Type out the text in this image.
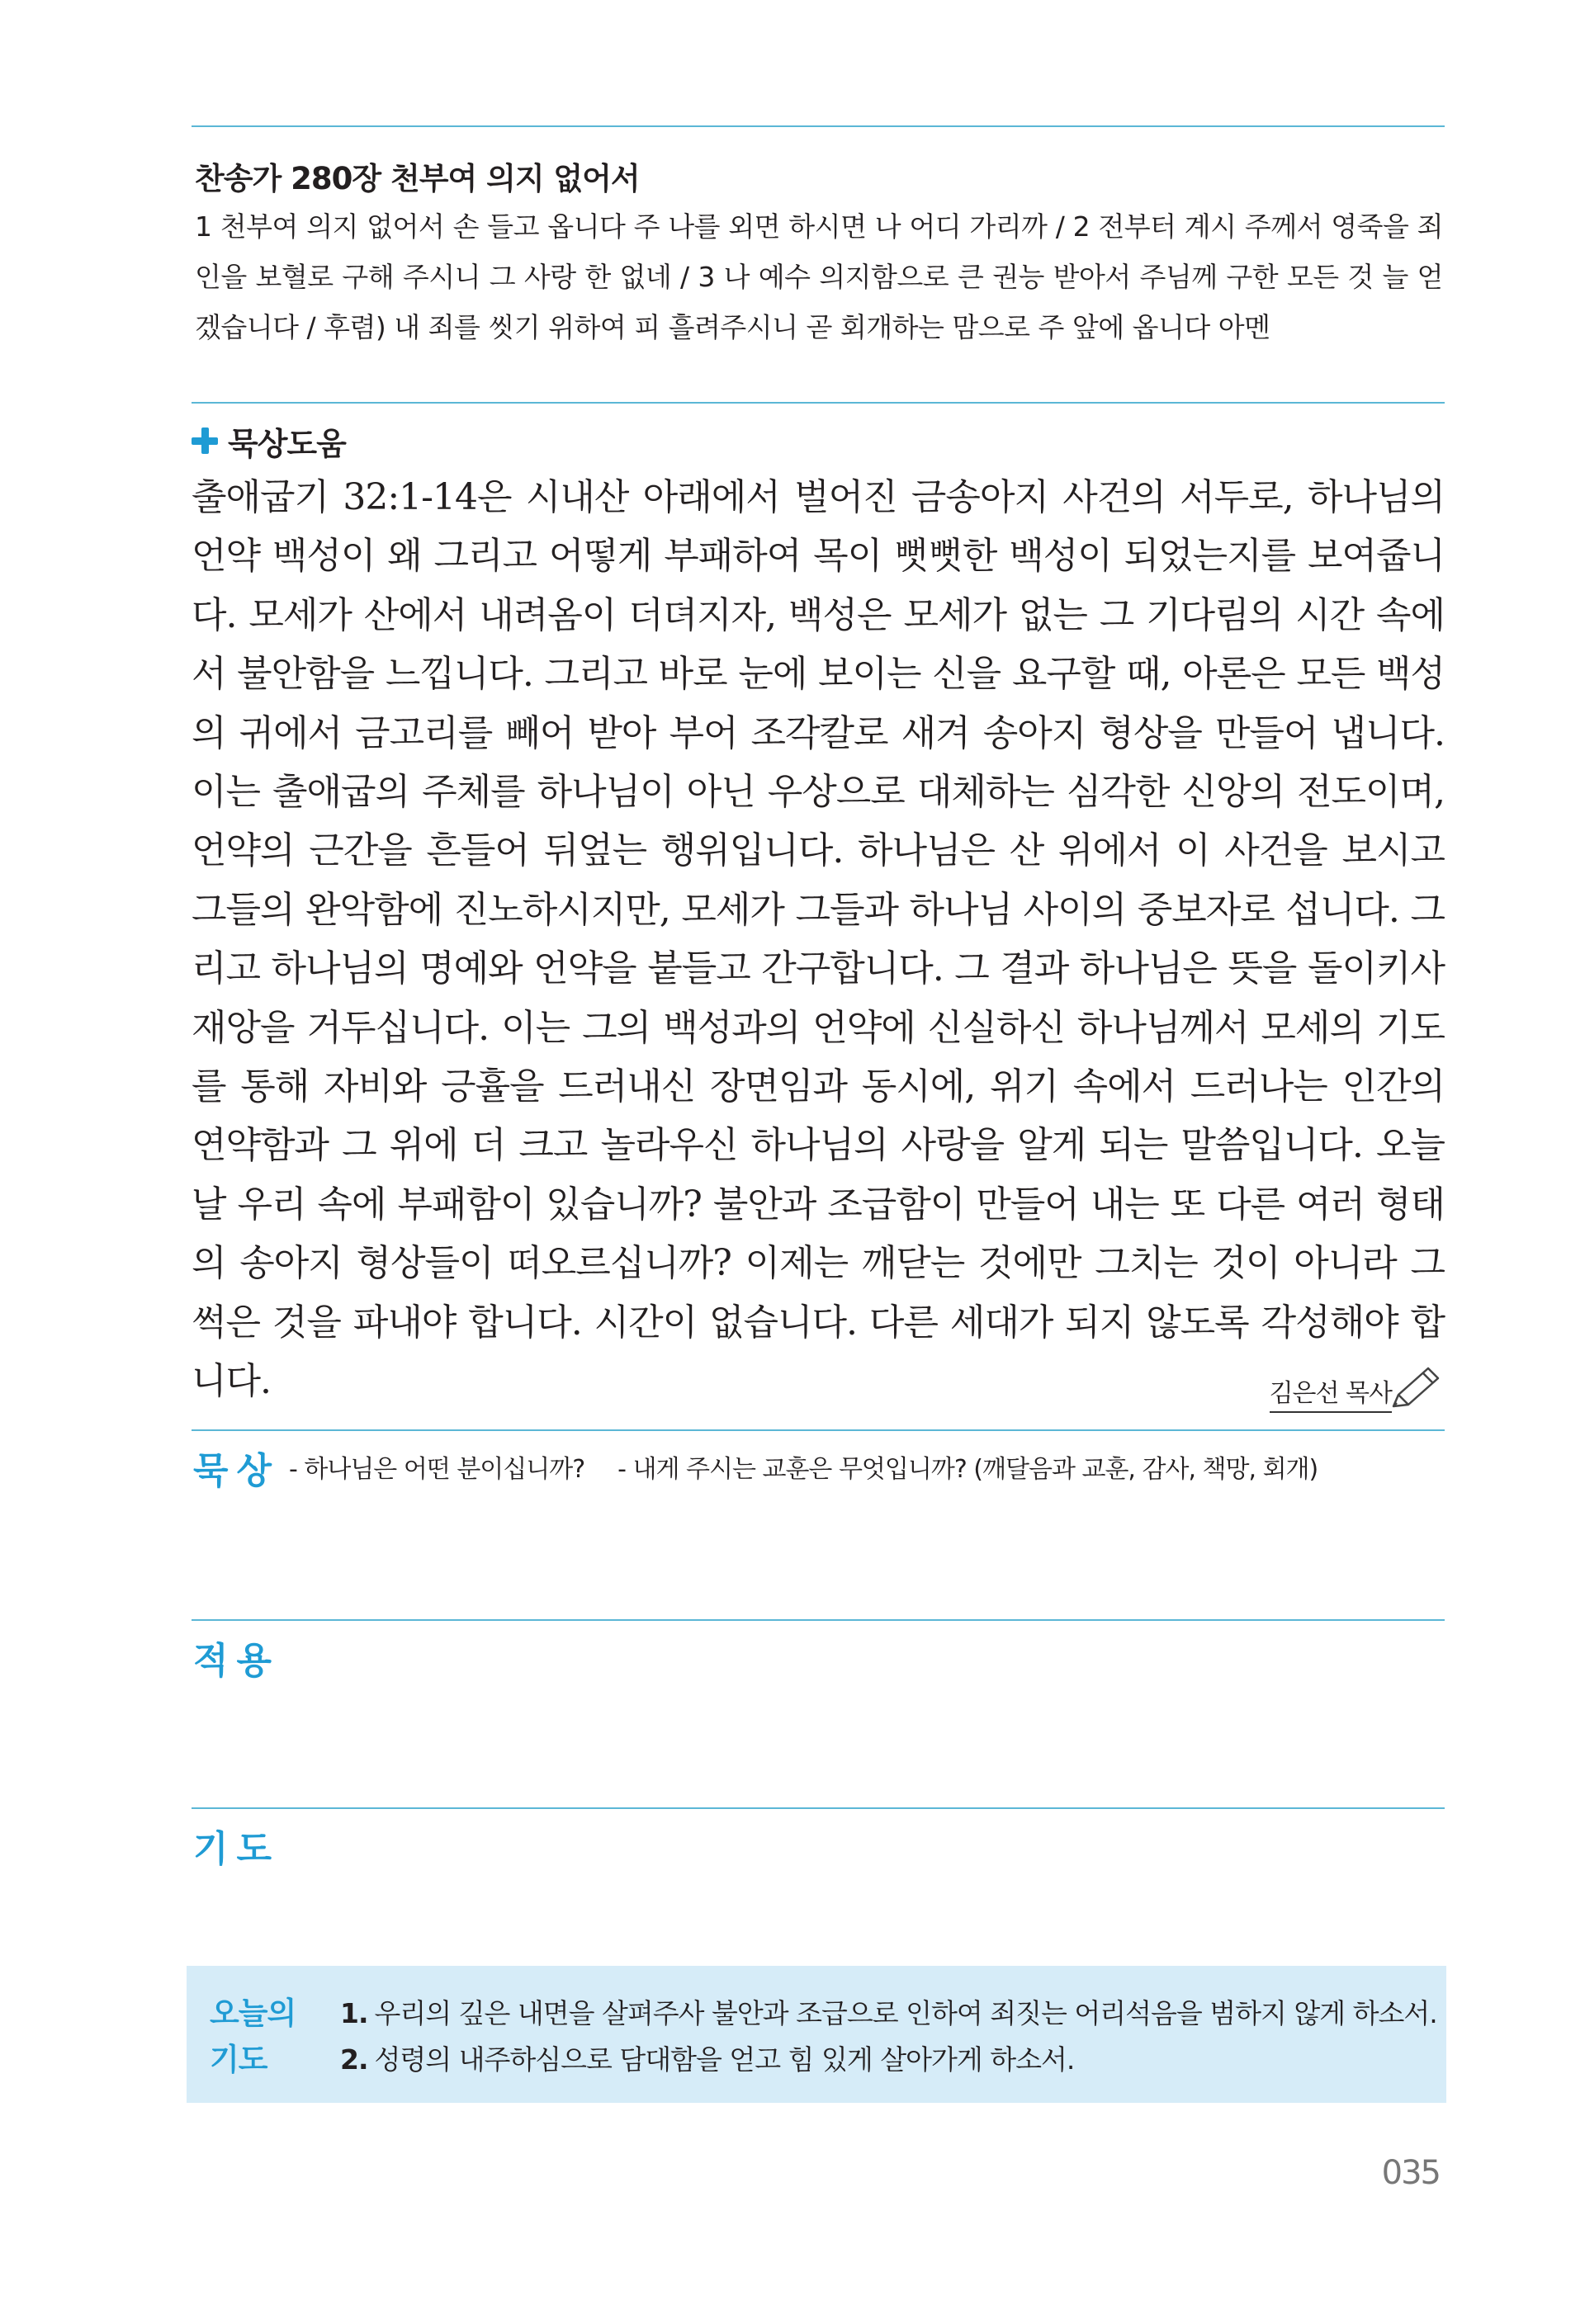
찬송가 280장 천부여 의지 없어서

1 천부여 의지 없어서 손 들고 옵니다 주 나를 외면 하시면 나 어디 가리까 / 2 전부터 계시 주께서 영죽을 죄인을 보혈로 구해 주시니 그 사랑 한 없네 / 3 나 예수 의지함으로 큰 권능 받아서 주님께 구한 모든 것 늘 얻겠습니다 / 후렴) 내 죄를 씻기 위하여 피 흘려주시니 곧 회개하는 맘으로 주 앞에 옵니다 아멘

묵상도움

출애굽기 32:1-14은 시내산 아래에서 벌어진 금송아지 사건의 서두로, 하나님의 언약 백성이 왜 그리고 어떻게 부패하여 목이 뻣뻣한 백성이 되었는지를 보여줍니다. 모세가 산에서 내려옴이 더뎌지자, 백성은 모세가 없는 그 기다림의 시간 속에서 불안함을 느낍니다. 그리고 바로 눈에 보이는 신을 요구할 때, 아론은 모든 백성의 귀에서 금고리를 빼어 받아 부어 조각칼로 새겨 송아지 형상을 만들어 냅니다. 이는 출애굽의 주체를 하나님이 아닌 우상으로 대체하는 심각한 신앙의 전도이며, 언약의 근간을 흔들어 뒤엎는 행위입니다. 하나님은 산 위에서 이 사건을 보시고 그들의 완악함에 진노하시지만, 모세가 그들과 하나님 사이의 중보자로 섭니다. 그리고 하나님의 명예와 언약을 붙들고 간구합니다. 그 결과 하나님은 뜻을 돌이키사 재앙을 거두십니다. 이는 그의 백성과의 언약에 신실하신 하나님께서 모세의 기도를 통해 자비와 긍휼을 드러내신 장면임과 동시에, 위기 속에서 드러나는 인간의 연약함과 그 위에 더 크고 놀라우신 하나님의 사랑을 알게 되는 말씀입니다. 오늘날 우리 속에 부패함이 있습니까? 불안과 조급함이 만들어 내는 또 다른 여러 형태의 송아지 형상들이 떠오르십니까? 이제는 깨닫는 것에만 그치는 것이 아니라 그 썩은 것을 파내야 합니다. 시간이 없습니다. 다른 세대가 되지 않도록 각성해야 합니다.	김은선 목사
묵상 - 하나님은 어떤 분이십니까? - 내게 주시는 교훈은 무엇입니까? (깨달음과 교훈, 감사, 책망, 회개)
적용
기도

오늘의 기도

1. 우리의 깊은 내면을 살펴주사 불안과 조급으로 인하여 죄짓는 어리석음을 범하지 않게 하소서.
2. 성령의 내주하심으로 담대함을 얻고 힘 있게 살아가게 하소서.
035
